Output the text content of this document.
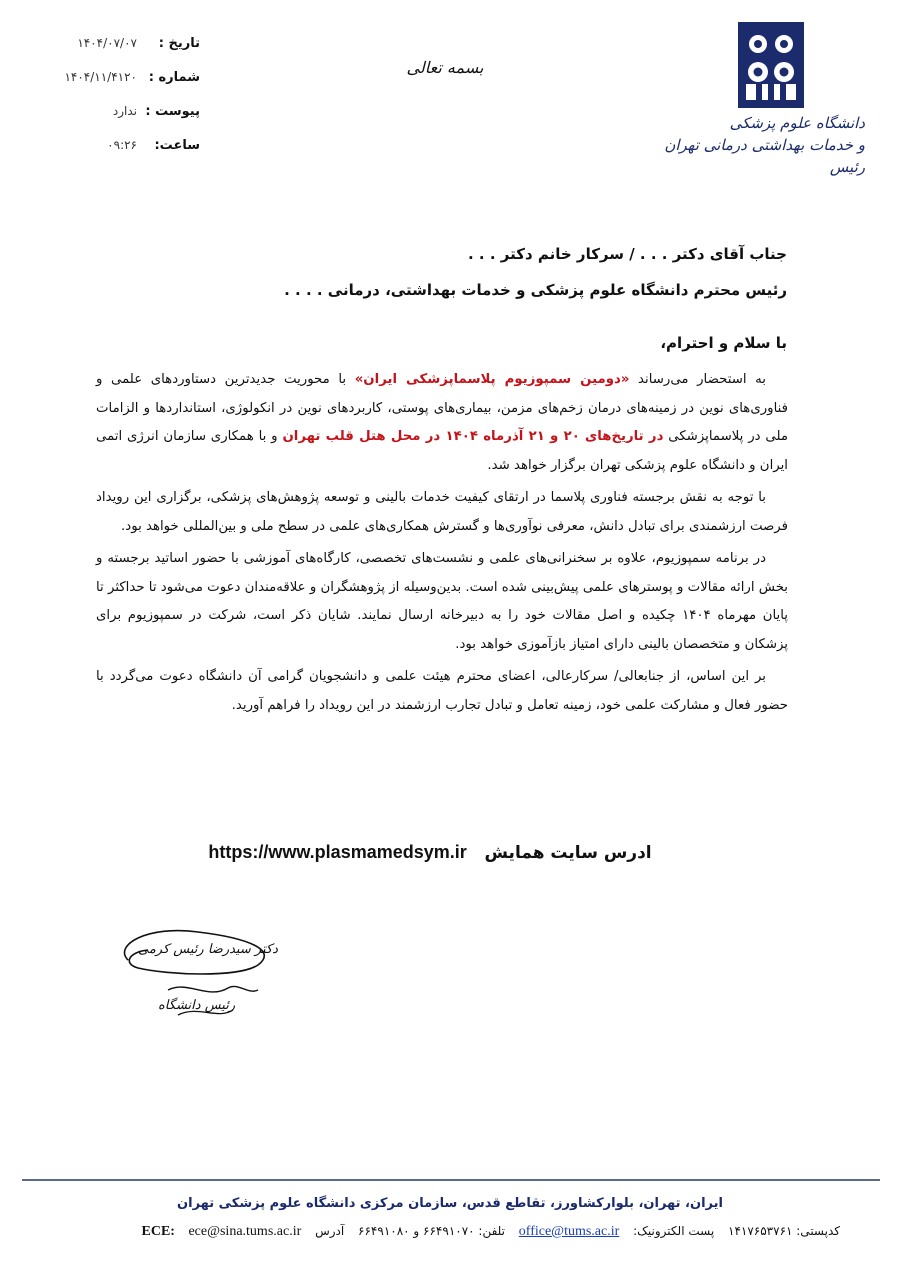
دانشگاه علوم پزشکی
و خدمات بهداشتی درمانی تهران
رئیس
بسمه تعالی
تاریخ :
۱۴۰۴/۰۷/۰۷
شماره :
۱۴۰۴/۱۱/۴۱۲۰
پیوست :
ندارد
ساعت:
۰۹:۲۶
جناب آقای دکتر . . . / سرکار خانم دکتر . . .
رئیس محترم دانشگاه علوم پزشکی و خدمات بهداشتی، درمانی . . . .
با سلام و احترام،

به استحضار می‌رساند «دومین سمپوزیوم پلاسماپزشکی ایران» با محوریت جدیدترین دستاوردهای علمی و فناوری‌های نوین در زمینه‌های درمان زخم‌های مزمن، بیماری‌های پوستی، کاربردهای نوین در انکولوژی، استانداردها و الزامات ملی در پلاسماپزشکی در تاریخ‌های ۲۰ و ۲۱ آذرماه ۱۴۰۴ در محل هتل قلب تهران و با همکاری سازمان انرژی اتمی ایران و دانشگاه علوم پزشکی تهران برگزار خواهد شد.

با توجه به نقش برجسته فناوری پلاسما در ارتقای کیفیت خدمات بالینی و توسعه پژوهش‌های پزشکی، برگزاری این رویداد فرصت ارزشمندی برای تبادل دانش، معرفی نوآوری‌ها و گسترش همکاری‌های علمی در سطح ملی و بین‌المللی خواهد بود.

در برنامه سمپوزیوم، علاوه بر سخنرانی‌های علمی و نشست‌های تخصصی، کارگاه‌های آموزشی با حضور اساتید برجسته و بخش ارائه مقالات و پوسترهای علمی پیش‌بینی شده است. بدین‌وسیله از پژوهشگران و علاقه‌مندان دعوت می‌شود تا حداکثر تا پایان مهرماه ۱۴۰۴ چکیده و اصل مقالات خود را به دبیرخانه ارسال نمایند. شایان ذکر است، شرکت در سمپوزیوم برای پزشکان و متخصصان بالینی دارای امتیاز بازآموزی خواهد بود.

بر این اساس، از جنابعالی/ سرکارعالی، اعضای محترم هیئت علمی و دانشجویان گرامی آن دانشگاه دعوت می‌گردد با حضور فعال و مشارکت علمی خود، زمینه تعامل و تبادل تجارب ارزشمند در این رویداد را فراهم آورید.

ادرس سایت همایش   https://www.plasmamedsym.ir
دکتر سیدرضا رئیس کرمی
رئیس دانشگاه
ایران، تهران، بلوارکشاورز، تقاطع قدس، سازمان مرکزی دانشگاه علوم پزشکی تهران
کدپستی: ۱۴۱۷۶۵۳۷۶۱ پست الکترونیک: office@tums.ac.ir تلفن: ۶۶۴۹۱۰۷۰ و ۶۶۴۹۱۰۸۰ آدرس ECE: ece@sina.tums.ac.ir
